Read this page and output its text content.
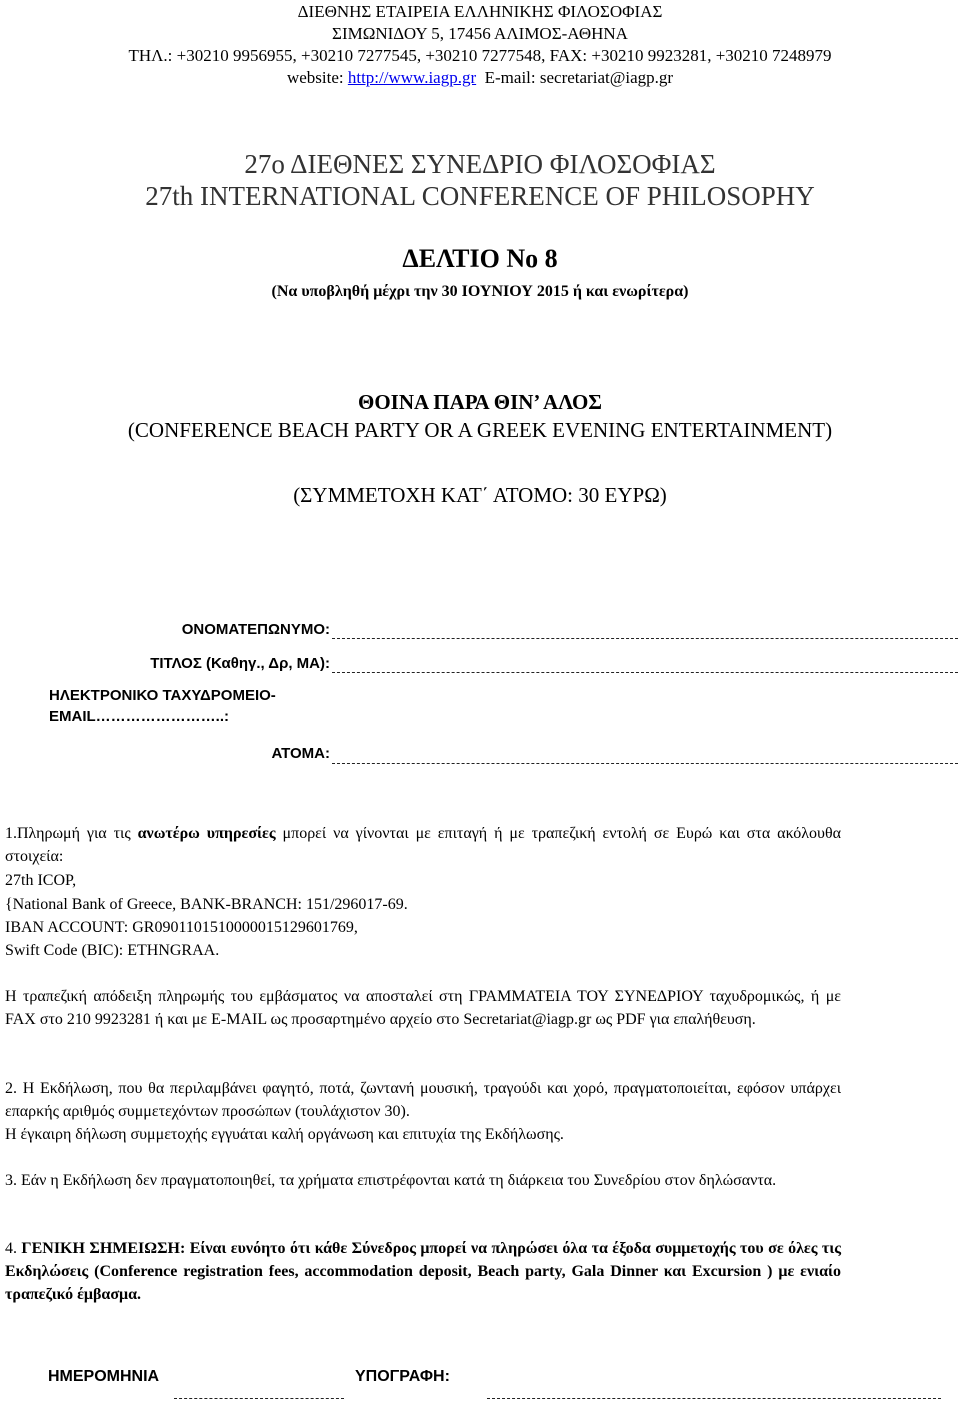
ΔΙΕΘΝΗΣ ΕΤΑΙΡΕΙΑ ΕΛΛΗΝΙΚΗΣ ΦΙΛΟΣΟΦΙΑΣ
ΣΙΜΩΝΙΔΟΥ 5, 17456 ΑΛΙΜΟΣ-ΑΘΗΝΑ
ΤΗΛ.: +30210 9956955, +30210 7277545, +30210 7277548, FAX: +30210 9923281, +30210 7248979
website: http://www.iagp.gr E-mail: secretariat@iagp.gr
27ο ΔΙΕΘΝΕΣ ΣΥΝΕΔΡΙΟ ΦΙΛΟΣΟΦΙΑΣ
27th INTERNATIONAL CONFERENCE OF PHILOSOPHY
ΔΕΛΤΙΟ Νο 8
(Να υποβληθή μέχρι την 30 ΙΟΥΝΙΟΥ 2015 ή και ενωρίτερα)
ΘΟΙΝΑ ΠΑΡΑ ΘΙΝ’ ΑΛΟΣ
(CONFERENCE BEACH PARTY OR A GREEK EVENING ENTERTAINMENT)
(ΣΥΜΜΕΤΟΧΗ ΚΑΤ΄ ΑΤΟΜΟ: 30 ΕΥΡΩ)
ΟΝΟΜΑΤΕΠΩΝΥΜΟ:
ΤΙΤΛΟΣ (Καθηγ., Δρ, ΜΑ):
ΗΛΕΚΤΡΟΝΙΚΟ ΤΑΧΥΔΡΟΜΕΙΟ-
EMAIL……………………..:
ΑΤΟΜΑ:
1.Πληρωμή για τις ανωτέρω υπηρεσίες μπορεί να γίνονται με επιταγή ή με τραπεζική εντολή σε Ευρώ και στα ακόλουθα στοιχεία:
27th ICOP,
{National Bank of Greece, BANK-BRANCH: 151/296017-69.
IBAN ACCOUNT: GR0901101510000015129601769,
Swift Code (BIC): ETHNGRAA.
Η τραπεζική απόδειξη πληρωμής του εμβάσματος να αποσταλεί στη ΓΡΑΜΜΑΤΕΙΑ ΤΟΥ ΣΥΝΕΔΡΙΟΥ ταχυδρομικώς, ή με FAX στο 210 9923281 ή και με E-MAIL ως προσαρτημένο αρχείο στο Secretariat@iagp.gr ως PDF για επαλήθευση.
2. Η Εκδήλωση, που θα περιλαμβάνει φαγητό, ποτά, ζωντανή μουσική, τραγούδι και χορό, πραγματοποιείται, εφόσον υπάρχει επαρκής αριθμός συμμετεχόντων προσώπων (τουλάχιστον 30).
Η έγκαιρη δήλωση συμμετοχής εγγυάται καλή οργάνωση και επιτυχία της Εκδήλωσης.
3. Εάν η Εκδήλωση δεν πραγματοποιηθεί, τα χρήματα επιστρέφονται κατά τη διάρκεια του Συνεδρίου στον δηλώσαντα.
4. ΓΕΝΙΚΗ ΣΗΜΕΙΩΣΗ: Είναι ευνόητο ότι κάθε Σύνεδρος μπορεί να πληρώσει όλα τα έξοδα συμμετοχής του σε όλες τις Εκδηλώσεις (Conference registration fees, accommodation deposit, Beach party, Gala Dinner και Excursion ) με ενιαίο τραπεζικό έμβασμα.
ΗΜΕΡΟΜΗΝΙΑ	ΥΠΟΓΡΑΦΗ:
